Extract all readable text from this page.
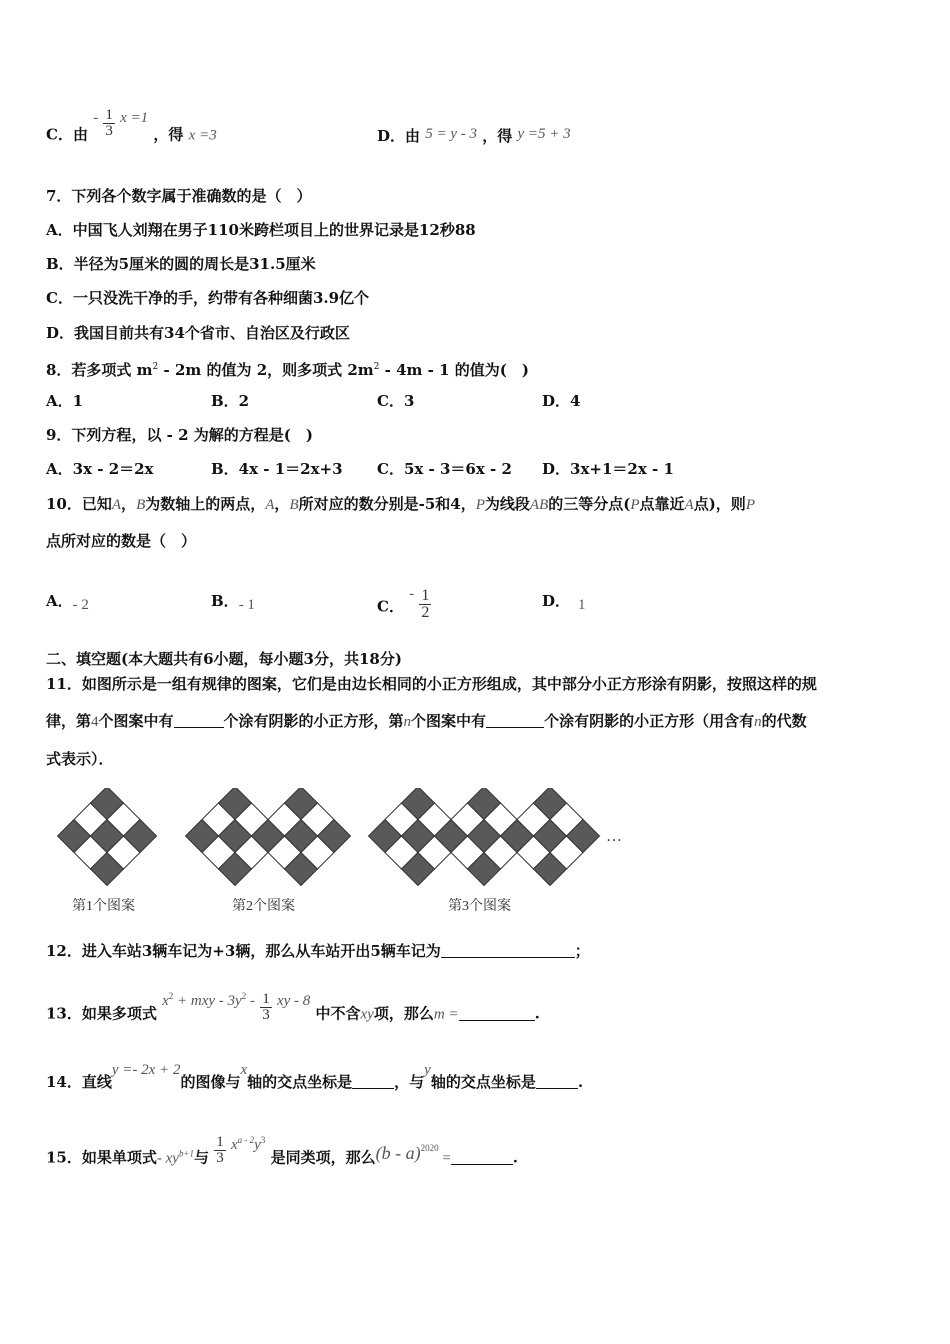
C．由 - $\frac{1}{3}$ x =1 ，得 x =3	D．由 5 = y - 3 ，得 y =5 + 3
7．下列各个数字属于准确数的是（　）
A．中国飞人刘翔在男子110米跨栏项目上的世界记录是12秒88
B．半径为5厘米的圆的周长是31.5厘米
C．一只没洗干净的手，约带有各种细菌3.9亿个
D．我国目前共有34个省市、自治区及行政区
8．若多项式 $m^2 - 2m$ 的值为 2，则多项式 $2m^2 - 4m - 1$ 的值为(　)
A．1	B．2	C．3	D．4
9．下列方程，以 - 2 为解的方程是(　)
A．3x - 2＝2x	B．4x - 1＝2x+3 C．5x - 3＝6x - 2 D．3x+1＝2x - 1
10．已知A，B为数轴上的两点，A，B所对应的数分别是-5和4，P为线段AB的三等分点(P点靠近A点)，则P
点所对应的数是（　）
A．- 2	B．- 1	C． - $\frac{1}{2}$	D． 1
二、填空题(本大题共有6小题，每小题3分，共18分)
11．如图所示是一组有规律的图案，它们是由边长相同的小正方形组成，其中部分小正方形涂有阴影，按照这样的规
律，第4个图案中有	个涂有阴影的小正方形，第n个图案中有	个涂有阴影的小正方形（用含有n的代数
式表示）．
第1个图案	第2个图案	第3个图案
…
12．进入车站3辆车记为+3辆，那么从车站开出5辆车记为	；
13．如果多项式 $x^2$ + mxy - $3y^2 - \frac{1}{3}$ xy - 8 中不含xy项，那么m =	.
14．直线y =- 2x + 2的图像与x轴的交点坐标是	，与y轴的交点坐标是	.
15．如果单项式- $xy^{b+1}$与 $\frac{1}{3} x^{a - 2}y^3$ 是同类项，那么(b - a)$^{2020}$ =	.
